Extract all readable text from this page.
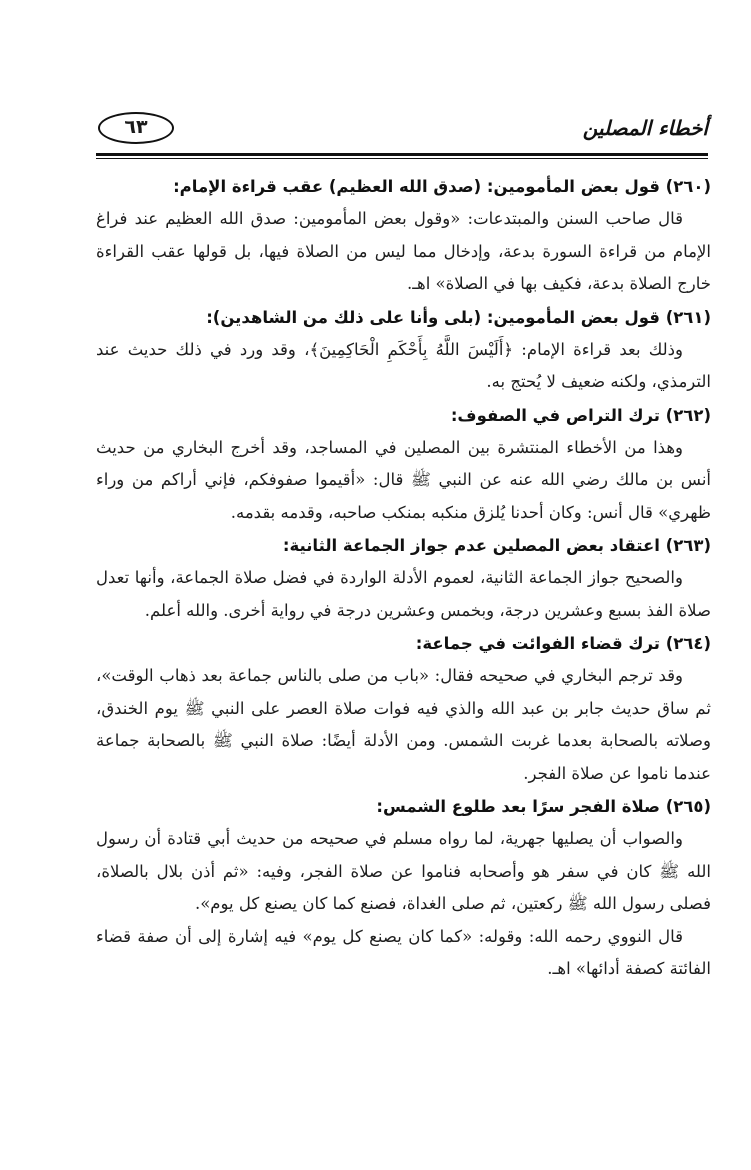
أخطاء المصلين
٦٣
(٢٦٠) قول بعض المأمومين: (صدق الله العظيم) عقب قراءة الإمام:

قال صاحب السنن والمبتدعات: «وقول بعض المأمومين: صدق الله العظيم عند فراغ الإمام من قراءة السورة بدعة، وإدخال مما ليس من الصلاة فيها، بل قولها عقب القراءة خارج الصلاة بدعة، فكيف بها في الصلاة» اهـ.

(٢٦١) قول بعض المأمومين: (بلى وأنا على ذلك من الشاهدين):

وذلك بعد قراءة الإمام: ﴿أَلَيْسَ اللَّهُ بِأَحْكَمِ الْحَاكِمِينَ﴾، وقد ورد في ذلك حديث عند الترمذي، ولكنه ضعيف لا يُحتج به.

(٢٦٢) ترك التراص في الصفوف:

وهذا من الأخطاء المنتشرة بين المصلين في المساجد، وقد أخرج البخاري من حديث أنس بن مالك رضي الله عنه عن النبي ﷺ قال: «أقيموا صفوفكم، فإني أراكم من وراء ظهري» قال أنس: وكان أحدنا يُلزق منكبه بمنكب صاحبه، وقدمه بقدمه.

(٢٦٣) اعتقاد بعض المصلين عدم جواز الجماعة الثانية:

والصحيح جواز الجماعة الثانية، لعموم الأدلة الواردة في فضل صلاة الجماعة، وأنها تعدل صلاة الفذ بسبع وعشرين درجة، وبخمس وعشرين درجة في رواية أخرى. والله أعلم.

(٢٦٤) ترك قضاء الفوائت في جماعة:

وقد ترجم البخاري في صحيحه فقال: «باب من صلى بالناس جماعة بعد ذهاب الوقت»، ثم ساق حديث جابر بن عبد الله والذي فيه فوات صلاة العصر على النبي ﷺ يوم الخندق، وصلاته بالصحابة بعدما غربت الشمس. ومن الأدلة أيضًا: صلاة النبي ﷺ بالصحابة جماعة عندما ناموا عن صلاة الفجر.

(٢٦٥) صلاة الفجر سرًا بعد طلوع الشمس:

والصواب أن يصليها جهرية، لما رواه مسلم في صحيحه من حديث أبي قتادة أن رسول الله ﷺ كان في سفر هو وأصحابه فناموا عن صلاة الفجر، وفيه: «ثم أذن بلال بالصلاة، فصلى رسول الله ﷺ ركعتين، ثم صلى الغداة، فصنع كما كان يصنع كل يوم».

قال النووي رحمه الله: وقوله: «كما كان يصنع كل يوم» فيه إشارة إلى أن صفة قضاء الفائتة كصفة أدائها» اهـ.
